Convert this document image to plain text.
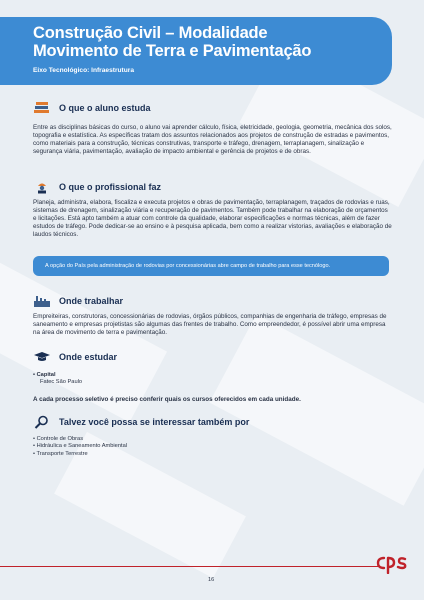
Construção Civil – Modalidade
Movimento de Terra e Pavimentação
Eixo Tecnológico: Infraestrutura
O que o aluno estuda

Entre as disciplinas básicas do curso, o aluno vai aprender cálculo, física, eletricidade, geologia, geometria, mecânica dos solos, topografia e estatística. As específicas tratam dos assuntos relacionados aos projetos de construção de estradas e pavimentos, como materiais para a construção, técnicas construtivas, transporte e tráfego, drenagem, terraplanagem, sinalização e segurança viária, pavimentação, avaliação de impacto ambiental e gerência de projetos e de obras.

O que o profissional faz

Planeja, administra, elabora, fiscaliza e executa projetos e obras de pavimentação, terraplanagem, traçados de rodovias e ruas, sistemas de drenagem, sinalização viária e recuperação de pavimentos. Também pode trabalhar na elaboração de orçamentos e licitações. Está apto também a atuar com controle da qualidade, elaborar especificações e normas técnicas, além de fazer estudos de tráfego. Pode dedicar-se ao ensino e à pesquisa aplicada, bem como a realizar vistorias, avaliações e elaboração de laudos técnicos.

A opção do País pela administração de rodovias por concessionárias abre campo de trabalho para esse tecnólogo.
Onde trabalhar

Empreiteiras, construtoras, concessionárias de rodovias, órgãos públicos, companhias de engenharia de tráfego, empresas de saneamento e empresas projetistas são algumas das frentes de trabalho. Como empreendedor, é possível abrir uma empresa na área de movimento de terra e pavimentação.

Onde estudar
• Capital
Fatec São Paulo
A cada processo seletivo é preciso conferir quais os cursos oferecidos em cada unidade.
Talvez você possa se interessar também por
• Controle de Obras
• Hidráulica e Saneamento Ambiental
• Transporte Terrestre
16
